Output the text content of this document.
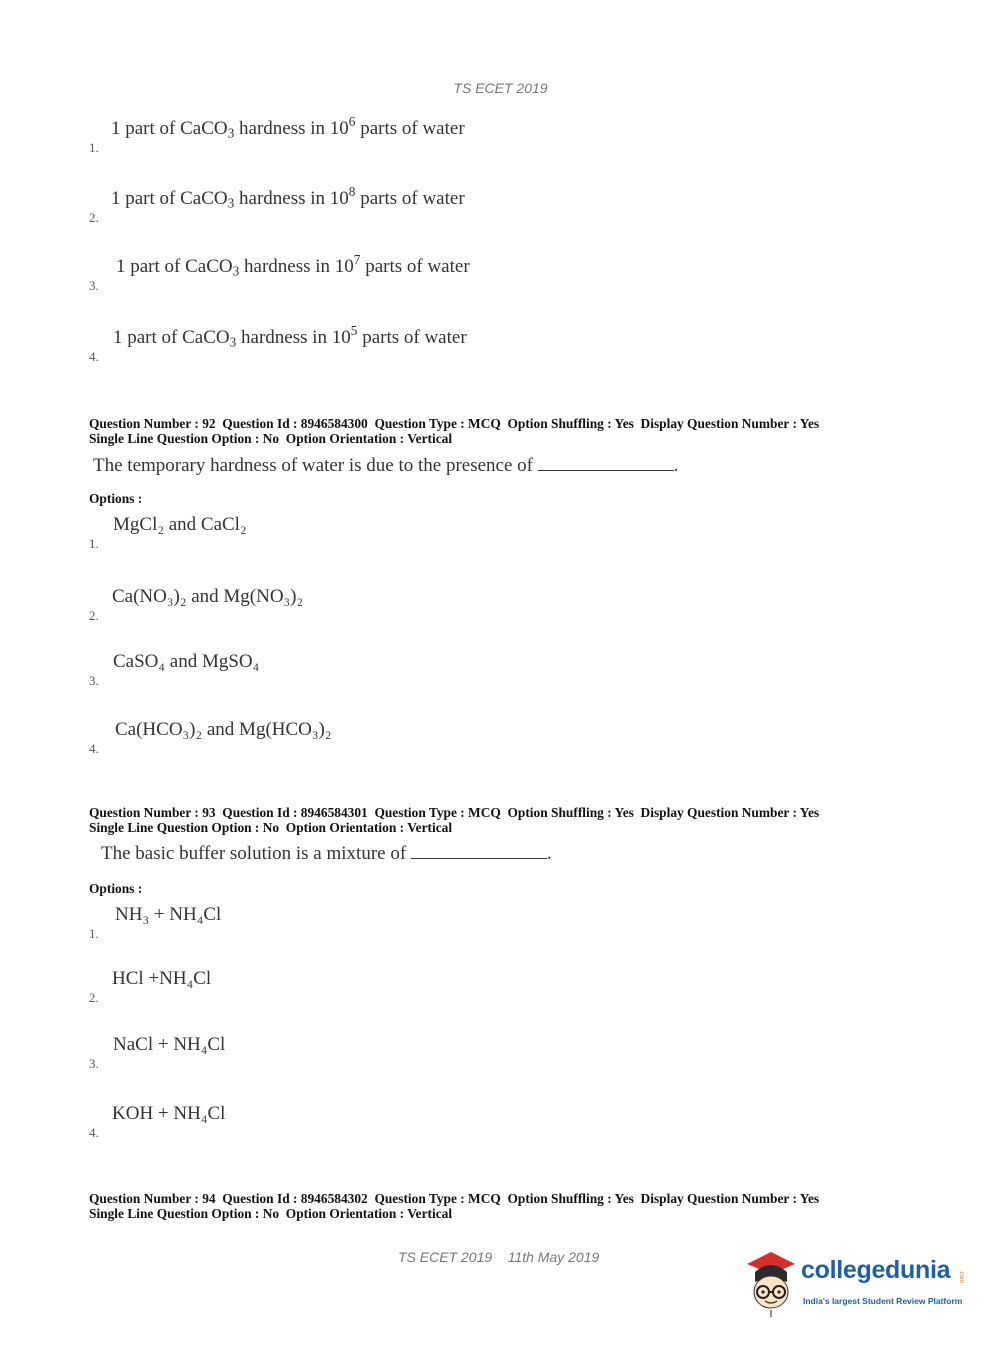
TS ECET 2019
1.
1 part of CaCO$_3$ hardness in $10^6$ parts of water
2.
1 part of CaCO$_3$ hardness in $10^8$ parts of water
3.
1 part of CaCO$_3$ hardness in $10^7$ parts of water
4.
1 part of CaCO$_3$ hardness in $10^5$ parts of water
Question Number : 92  Question Id : 8946584300  Question Type : MCQ  Option Shuffling : Yes  Display Question Number : Yes
Single Line Question Option : No  Option Orientation : Vertical
The temporary hardness of water is due to the presence of	.
Options :
1.
MgCl₂ and CaCl₂
2.
Ca(NO₃)₂ and Mg(NO₃)₂
3.
CaSO₄ and MgSO₄
4.
Ca(HCO₃)₂ and Mg(HCO₃)₂
Question Number : 93  Question Id : 8946584301  Question Type : MCQ  Option Shuffling : Yes  Display Question Number : Yes
Single Line Question Option : No  Option Orientation : Vertical
The basic buffer solution is a mixture of	.
Options :
1.
NH₃ + NH₄Cl
2.
HCl +NH₄Cl
3.
NaCl + NH₄Cl
4.
KOH + NH₄Cl
Question Number : 94  Question Id : 8946584302  Question Type : MCQ  Option Shuffling : Yes  Display Question Number : Yes
Single Line Question Option : No  Option Orientation : Vertical
TS ECET 2019    11th May 2019	collegedunia
India's largest Student Review Platform
.com
